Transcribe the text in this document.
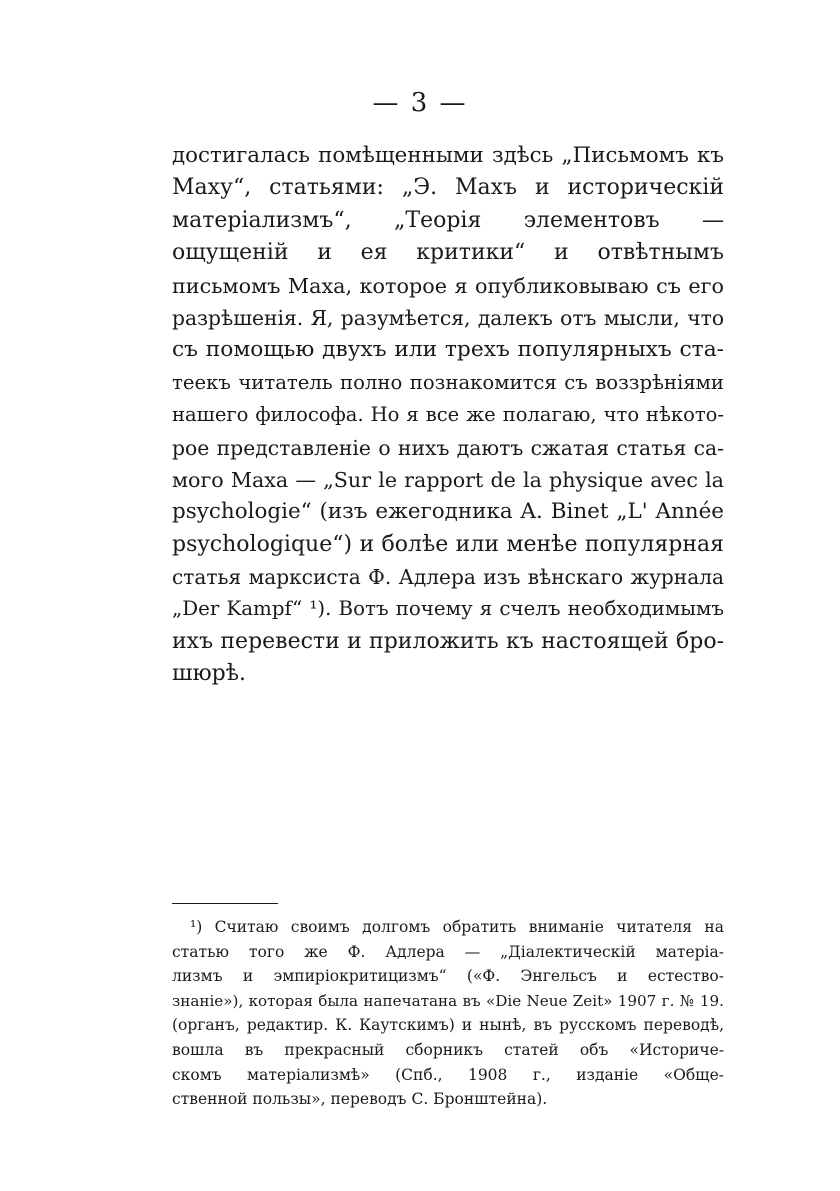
— 3 —
достигалась помѣщенными здѣсь „Письмомъ къ
Маху“, статьями: „Э. Махъ и историческій
матеріализмъ“, „Теорія элементовъ —
ощущеній и ея критики“ и отвѣтнымъ
письмомъ Маха, которое я опубликовываю съ его
разрѣшенія. Я, разумѣется, далекъ отъ мысли, что
съ помощью двухъ или трехъ популярныхъ ста-
теекъ читатель полно познакомится съ воззрѣніями
нашего философа. Но я все же полагаю, что нѣкото-
рое представленіе о нихъ даютъ сжатая статья са-
мого Маха — „Sur le rapport de la physique avec la
psychologie“ (изъ ежегодника A. Binet „L' Année
psychologique“) и болѣе или менѣе популярная
статья марксиста Ф. Адлера изъ вѣнскаго журнала
„Der Kampf“ ¹). Вотъ почему я счелъ необходимымъ
ихъ перевести и приложить къ настоящей бро-
шюрѣ.
¹) Считаю своимъ долгомъ обратить вниманіе читателя на
статью того же Ф. Адлера — „Діалектическій матеріа-
лизмъ и эмпиріокритицизмъ“ («Ф. Энгельсъ и естество-
знаніе»), которая была напечатана въ «Die Neue Zeit» 1907 г. № 19.
(органъ, редактир. К. Каутскимъ) и нынѣ, въ русскомъ переводѣ,
вошла въ прекрасный сборникъ статей объ «Историче-
скомъ матеріализмѣ» (Спб., 1908 г., изданіе «Обще-
ственной пользы», переводъ С. Бронштейна).
